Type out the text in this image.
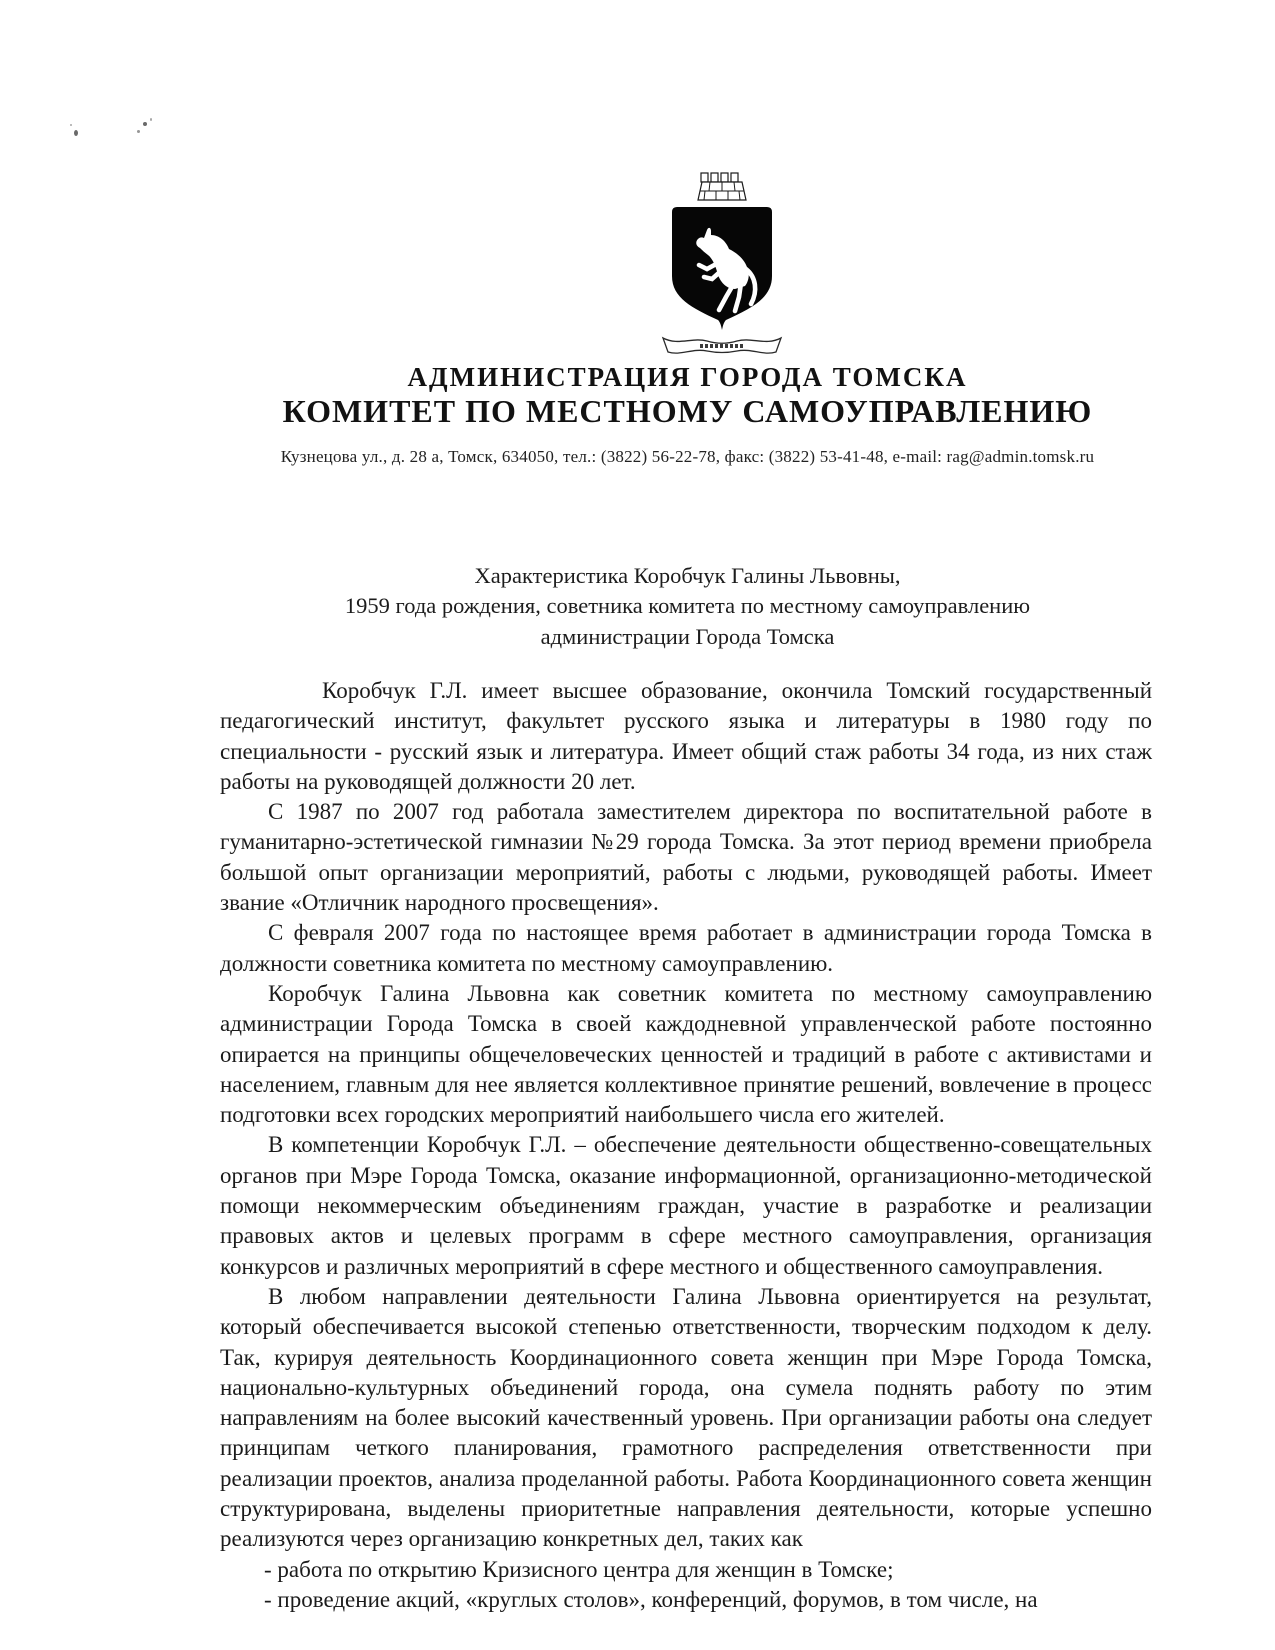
АДМИНИСТРАЦИЯ ГОРОДА ТОМСКА
КОМИТЕТ ПО МЕСТНОМУ САМОУПРАВЛЕНИЮ
Кузнецова ул., д. 28 а, Томск, 634050, тел.: (3822) 56-22-78, факс: (3822) 53-41-48, e-mail: rag@admin.tomsk.ru
Характеристика Коробчук Галины Львовны,
1959 года рождения, советника комитета по местному самоуправлению
администрации Города Томска

Коробчук Г.Л. имеет высшее образование, окончила Томский государственный педагогический институт, факультет русского языка и литературы в 1980 году по специальности - русский язык и литература. Имеет общий стаж работы 34 года, из них стаж работы на руководящей должности 20 лет.

С 1987 по 2007 год работала заместителем директора по воспитательной работе в гуманитарно-эстетической гимназии №29 города Томска. За этот период времени приобрела большой опыт организации мероприятий, работы с людьми, руководящей работы. Имеет звание «Отличник народного просвещения».

С февраля 2007 года по настоящее время работает в администрации города Томска в должности советника комитета по местному самоуправлению.

Коробчук Галина Львовна как советник комитета по местному самоуправлению администрации Города Томска в своей каждодневной управленческой работе постоянно опирается на принципы общечеловеческих ценностей и традиций в работе с активистами и населением, главным для нее является коллективное принятие решений, вовлечение в процесс подготовки всех городских мероприятий наибольшего числа его жителей.

В компетенции Коробчук Г.Л. – обеспечение деятельности общественно-совещательных органов при Мэре Города Томска, оказание информационной, организационно-методической помощи некоммерческим объединениям граждан, участие в разработке и реализации правовых актов и целевых программ в сфере местного самоуправления, организация конкурсов и различных мероприятий в сфере местного и общественного самоуправления.

В любом направлении деятельности Галина Львовна ориентируется на результат, который обеспечивается высокой степенью ответственности, творческим подходом к делу. Так, курируя деятельность Координационного совета женщин при Мэре Города Томска, национально-культурных объединений города, она сумела поднять работу по этим направлениям на более высокий качественный уровень. При организации работы она следует принципам четкого планирования, грамотного распределения ответственности при реализации проектов, анализа проделанной работы. Работа Координационного совета женщин структурирована, выделены приоритетные направления деятельности, которые успешно реализуются через организацию конкретных дел, таких как

- работа по открытию Кризисного центра для женщин в Томске;

- проведение акций, «круглых столов», конференций, форумов, в том числе, на
